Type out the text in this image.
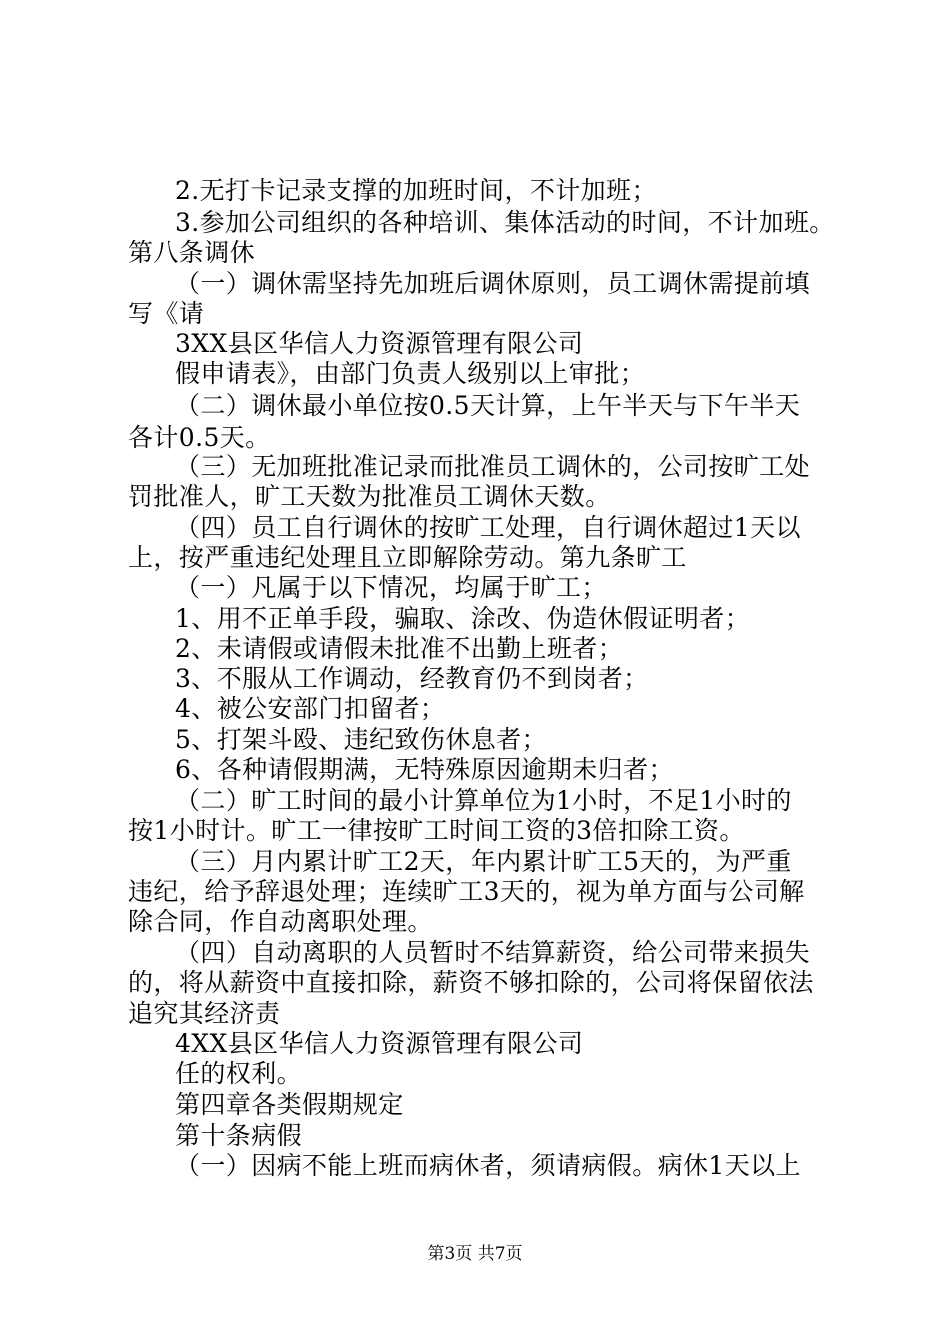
2.无打卡记录支撑的加班时间，不计加班；
3.参加公司组织的各种培训、集体活动的时间，不计加班。
第八条调休
（一）调休需坚持先加班后调休原则，员工调休需提前填
写《请
3XX县区华信人力资源管理有限公司
假申请表》，由部门负责人级别以上审批；
（二）调休最小单位按0.5天计算，上午半天与下午半天
各计0.5天。
（三）无加班批准记录而批准员工调休的，公司按旷工处
罚批准人，旷工天数为批准员工调休天数。
（四）员工自行调休的按旷工处理，自行调休超过1天以
上，按严重违纪处理且立即解除劳动。第九条旷工
（一）凡属于以下情况，均属于旷工；
1、用不正单手段，骗取、涂改、伪造休假证明者；
2、未请假或请假未批准不出勤上班者；
3、不服从工作调动，经教育仍不到岗者；
4、被公安部门扣留者；
5、打架斗殴、违纪致伤休息者；
6、各种请假期满，无特殊原因逾期未归者；
（二）旷工时间的最小计算单位为1小时，不足1小时的
按1小时计。旷工一律按旷工时间工资的3倍扣除工资。
（三）月内累计旷工2天，年内累计旷工5天的，为严重
违纪，给予辞退处理；连续旷工3天的，视为单方面与公司解
除合同，作自动离职处理。
（四）自动离职的人员暂时不结算薪资，给公司带来损失
的，将从薪资中直接扣除，薪资不够扣除的，公司将保留依法
追究其经济责
4XX县区华信人力资源管理有限公司
任的权利。
第四章各类假期规定
第十条病假
（一）因病不能上班而病休者，须请病假。病休1天以上
第3页 共7页
